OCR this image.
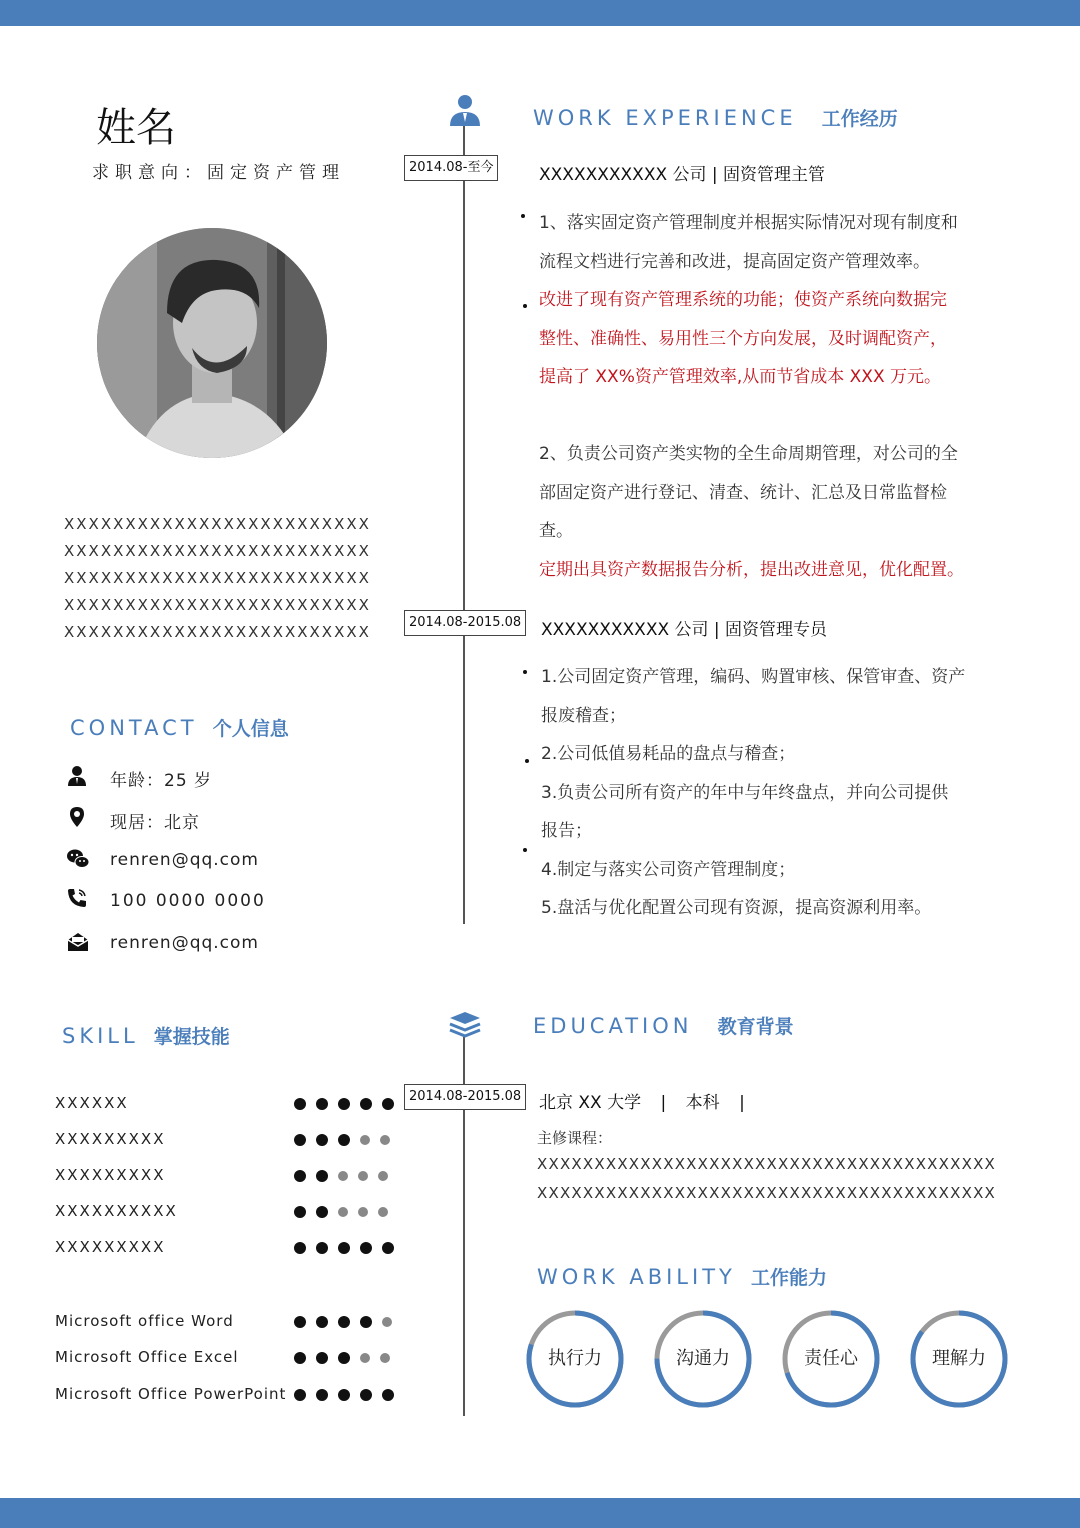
姓名
求职意向：固定资产管理
XXXXXXXXXXXXXXXXXXXXXXXXX
XXXXXXXXXXXXXXXXXXXXXXXXX
XXXXXXXXXXXXXXXXXXXXXXXXX
XXXXXXXXXXXXXXXXXXXXXXXXX
XXXXXXXXXXXXXXXXXXXXXXXXX
CONTACT 个人信息
年龄：25 岁
现居：北京
renren@qq.com
100 0000 0000
renren@qq.com
SKILL 掌握技能
XXXXXX
XXXXXXXXX
XXXXXXXXX
XXXXXXXXXX
XXXXXXXXX
Microsoft office Word
Microsoft Office Excel
Microsoft Office PowerPoint
WORK EXPERIENCE 工作经历
2014.08-至今	XXXXXXXXXXX 公司 | 固资管理主管
1、落实固定资产管理制度并根据实际情况对现有制度和
流程文档进行完善和改进，提高固定资产管理效率。
改进了现有资产管理系统的功能；使资产系统向数据完
整性、准确性、易用性三个方向发展，及时调配资产，
提高了 XX%资产管理效率,从而节省成本 XXX 万元。
2、负责公司资产类实物的全生命周期管理，对公司的全
部固定资产进行登记、清查、统计、汇总及日常监督检
查。
定期出具资产数据报告分析，提出改进意见，优化配置。
2014.08-2015.08 XXXXXXXXXXX 公司 | 固资管理专员
1.公司固定资产管理，编码、购置审核、保管审查、资产
报废稽查；
2.公司低值易耗品的盘点与稽查；
3.负责公司所有资产的年中与年终盘点，并向公司提供
报告；
4.制定与落实公司资产管理制度；
5.盘活与优化配置公司现有资源，提高资源利用率。
EDUCATION 教育背景
2014.08-2015.08 北京 XX 大学 | 本科 |
主修课程：
XXXXXXXXXXXXXXXXXXXXXXXXXXXXXXXXXXXXXXXX
XXXXXXXXXXXXXXXXXXXXXXXXXXXXXXXXXXXXXXXX
WORK ABILITY 工作能力
执行力	沟通力	责任心	理解力
